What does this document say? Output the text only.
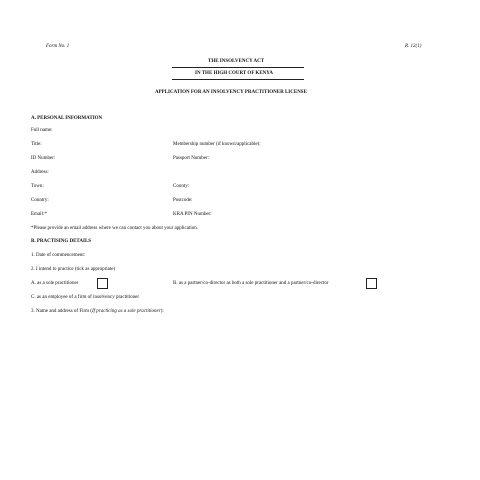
Form No. 1	R. 12(1)
THE INSOLVENCY ACT
IN THE HIGH COURT OF KENYA
APPLICATION FOR AN INSOLVENCY PRACTITIONER LICENSE
A. PERSONAL INFORMATION
Full name:
Title:	Membership number (if known/applicable):
ID Number:	Passport Number:
Address:
Town:	County:
Country:	Postcode:
Email:*	KRA PIN Number:
*Please provide an email address where we can contact you about your application.
B. PRACTISING DETAILS
1. Date of commencement:
2. I intend to practice (tick as appropriate)
A. as a sole practitioner	B. as a partner/co-director as both a sole practitioner and a partner/co-director
C. as an employee of a firm of insolvency practitioner
3. Name and address of Firm (If practicing as a sole practitioner):
